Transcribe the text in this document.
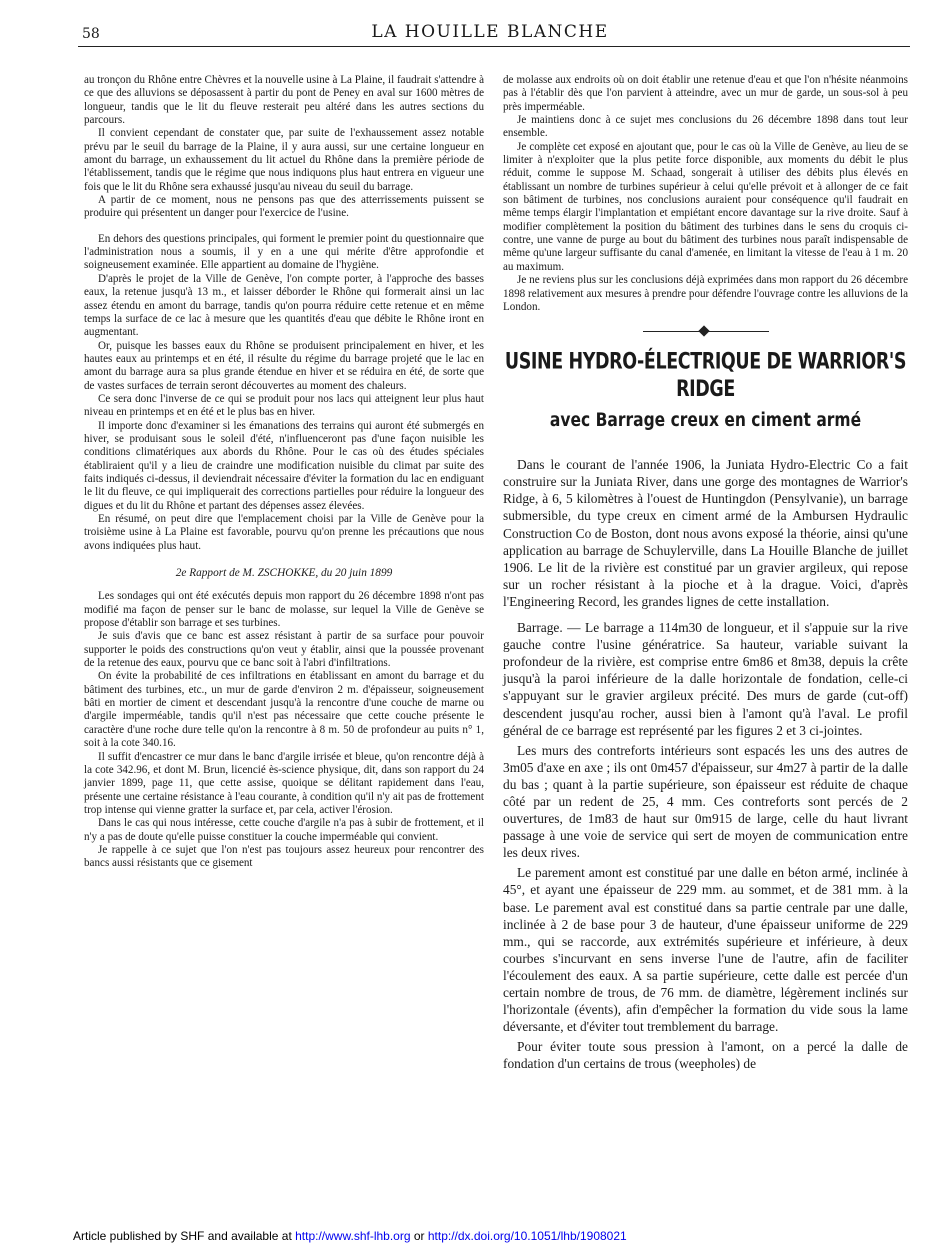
58	LA HOUILLE BLANCHE

au tronçon du Rhône entre Chèvres et la nouvelle usine à La Plaine, il faudrait s'attendre à ce que des alluvions se déposassent à partir du pont de Peney en aval sur 1600 mètres de longueur, tandis que le lit du fleuve resterait peu altéré dans les autres sections du parcours.

Il convient cependant de constater que, par suite de l'exhaussement assez notable prévu par le seuil du barrage de la Plaine, il y aura aussi, sur une certaine longueur en amont du barrage, un exhaussement du lit actuel du Rhône dans la première période de l'établissement, tandis que le régime que nous indiquons plus haut entrera en vigueur une fois que le lit du Rhône sera exhaussé jusqu'au niveau du seuil du barrage.

A partir de ce moment, nous ne pensons pas que des atterrissements puissent se produire qui présentent un danger pour l'exercice de l'usine.

En dehors des questions principales, qui forment le premier point du questionnaire que l'administration nous a soumis, il y en a une qui mérite d'être approfondie et soigneusement examinée. Elle appartient au domaine de l'hygiène.

D'après le projet de la Ville de Genève, l'on compte porter, à l'approche des basses eaux, la retenue jusqu'à 13 m., et laisser déborder le Rhône qui formerait ainsi un lac assez étendu en amont du barrage, tandis qu'on pourra réduire cette retenue et en même temps la surface de ce lac à mesure que les quantités d'eau que débite le Rhône iront en augmentant.

Or, puisque les basses eaux du Rhône se produisent principalement en hiver, et les hautes eaux au printemps et en été, il résulte du régime du barrage projeté que le lac en amont du barrage aura sa plus grande étendue en hiver et se réduira en été, de sorte que de vastes surfaces de terrain seront découvertes au moment des chaleurs.

Ce sera donc l'inverse de ce qui se produit pour nos lacs qui atteignent leur plus haut niveau en printemps et en été et le plus bas en hiver.

Il importe donc d'examiner si les émanations des terrains qui auront été submergés en hiver, se produisant sous le soleil d'été, n'influenceront pas d'une façon nuisible les conditions climatériques aux abords du Rhône. Pour le cas où des études spéciales établiraient qu'il y a lieu de craindre une modification nuisible du climat par suite des faits indiqués ci-dessus, il deviendrait nécessaire d'éviter la formation du lac en endiguant le lit du fleuve, ce qui impliquerait des corrections partielles pour réduire la longueur des digues et du lit du Rhône et partant des dépenses assez élevées.

En résumé, on peut dire que l'emplacement choisi par la Ville de Genève pour la troisième usine à La Plaine est favorable, pourvu qu'on prenne les précautions que nous avons indiquées plus haut.

2e Rapport de M. ZSCHOKKE, du 20 juin 1899

Les sondages qui ont été exécutés depuis mon rapport du 26 décembre 1898 n'ont pas modifié ma façon de penser sur le banc de molasse, sur lequel la Ville de Genève se propose d'établir son barrage et ses turbines.

Je suis d'avis que ce banc est assez résistant à partir de sa surface pour pouvoir supporter le poids des constructions qu'on veut y établir, ainsi que la poussée provenant de la retenue des eaux, pourvu que ce banc soit à l'abri d'infiltrations.

On évite la probabilité de ces infiltrations en établissant en amont du barrage et du bâtiment des turbines, etc., un mur de garde d'environ 2 m. d'épaisseur, soigneusement bâti en mortier de ciment et descendant jusqu'à la rencontre d'une couche de marne ou d'argile imperméable, tandis qu'il n'est pas nécessaire que cette couche présente le caractère d'une roche dure telle qu'on la rencontre à 8 m. 50 de profondeur au puits n° 1, soit à la cote 340.16.

Il suffit d'encastrer ce mur dans le banc d'argile irrisée et bleue, qu'on rencontre déjà à la cote 342.96, et dont M. Brun, licencié ès-science physique, dit, dans son rapport du 24 janvier 1899, page 11, que cette assise, quoique se délitant rapidement dans l'eau, présente une certaine résistance à l'eau courante, à condition qu'il n'y ait pas de frottement trop intense qui vienne gratter la surface et, par cela, activer l'érosion.

Dans le cas qui nous intéresse, cette couche d'argile n'a pas à subir de frottement, et il n'y a pas de doute qu'elle puisse constituer la couche imperméable qui convient.

Je rappelle à ce sujet que l'on n'est pas toujours assez heureux pour rencontrer des bancs aussi résistants que ce gisement

de molasse aux endroits où on doit établir une retenue d'eau et que l'on n'hésite néanmoins pas à l'établir dès que l'on parvient à atteindre, avec un mur de garde, un sous-sol à peu près imperméable.

Je maintiens donc à ce sujet mes conclusions du 26 décembre 1898 dans tout leur ensemble.

Je complète cet exposé en ajoutant que, pour le cas où la Ville de Genève, au lieu de se limiter à n'exploiter que la plus petite force disponible, aux moments du débit le plus réduit, comme le suppose M. Schaad, songerait à utiliser des débits plus élevés en établissant un nombre de turbines supérieur à celui qu'elle prévoit et à allonger de ce fait son bâtiment de turbines, nos conclusions auraient pour conséquence qu'il faudrait en même temps élargir l'implantation et empiétant encore davantage sur la rive droite. Sauf à modifier complètement la position du bâtiment des turbines dans le sens du croquis ci-contre, une vanne de purge au bout du bâtiment des turbines nous paraît indispensable de même qu'une largeur suffisante du canal d'amenée, en limitant la vitesse de l'eau à 1 m. 20 au maximum.

Je ne reviens plus sur les conclusions déjà exprimées dans mon rapport du 26 décembre 1898 relativement aux mesures à prendre pour défendre l'ouvrage contre les alluvions de la London.

USINE HYDRO-ÉLECTRIQUE DE WARRIOR'S RIDGE
avec Barrage creux en ciment armé

Dans le courant de l'année 1906, la Juniata Hydro-Electric Co a fait construire sur la Juniata River, dans une gorge des montagnes de Warrior's Ridge, à 6, 5 kilomètres à l'ouest de Huntingdon (Pensylvanie), un barrage submersible, du type creux en ciment armé de la Ambursen Hydraulic Construction Co de Boston, dont nous avons exposé la théorie, ainsi qu'une application au barrage de Schuylerville, dans La Houille Blanche de juillet 1906. Le lit de la rivière est constitué par un gravier argileux, qui repose sur un rocher résistant à la pioche et à la drague. Voici, d'après l'Engineering Record, les grandes lignes de cette installation.

Barrage. — Le barrage a 114m30 de longueur, et il s'appuie sur la rive gauche contre l'usine génératrice. Sa hauteur, variable suivant la profondeur de la rivière, est comprise entre 6m86 et 8m38, depuis la crête jusqu'à la paroi inférieure de la dalle horizontale de fondation, celle-ci s'appuyant sur le gravier argileux précité. Des murs de garde (cut-off) descendent jusqu'au rocher, aussi bien à l'amont qu'à l'aval. Le profil général de ce barrage est représenté par les figures 2 et 3 ci-jointes.

Les murs des contreforts intérieurs sont espacés les uns des autres de 3m05 d'axe en axe ; ils ont 0m457 d'épaisseur, sur 4m27 à partir de la dalle du bas ; quant à la partie supérieure, son épaisseur est réduite de chaque côté par un redent de 25, 4 mm. Ces contreforts sont percés de 2 ouvertures, de 1m83 de haut sur 0m915 de large, celle du haut livrant passage à une voie de service qui sert de moyen de communication entre les deux rives.

Le parement amont est constitué par une dalle en béton armé, inclinée à 45°, et ayant une épaisseur de 229 mm. au sommet, et de 381 mm. à la base. Le parement aval est constitué dans sa partie centrale par une dalle, inclinée à 2 de base pour 3 de hauteur, d'une épaisseur uniforme de 229 mm., qui se raccorde, aux extrémités supérieure et inférieure, à deux courbes s'incurvant en sens inverse l'une de l'autre, afin de faciliter l'écoulement des eaux. A sa partie supérieure, cette dalle est percée d'un certain nombre de trous, de 76 mm. de diamètre, légèrement inclinés sur l'horizontale (évents), afin d'empêcher la formation du vide sous la lame déversante, et d'éviter tout tremblement du barrage.

Pour éviter toute sous pression à l'amont, on a percé la dalle de fondation d'un certains de trous (weepholes) de

Article published by SHF and available at http://www.shf-lhb.org or http://dx.doi.org/10.1051/lhb/1908021
